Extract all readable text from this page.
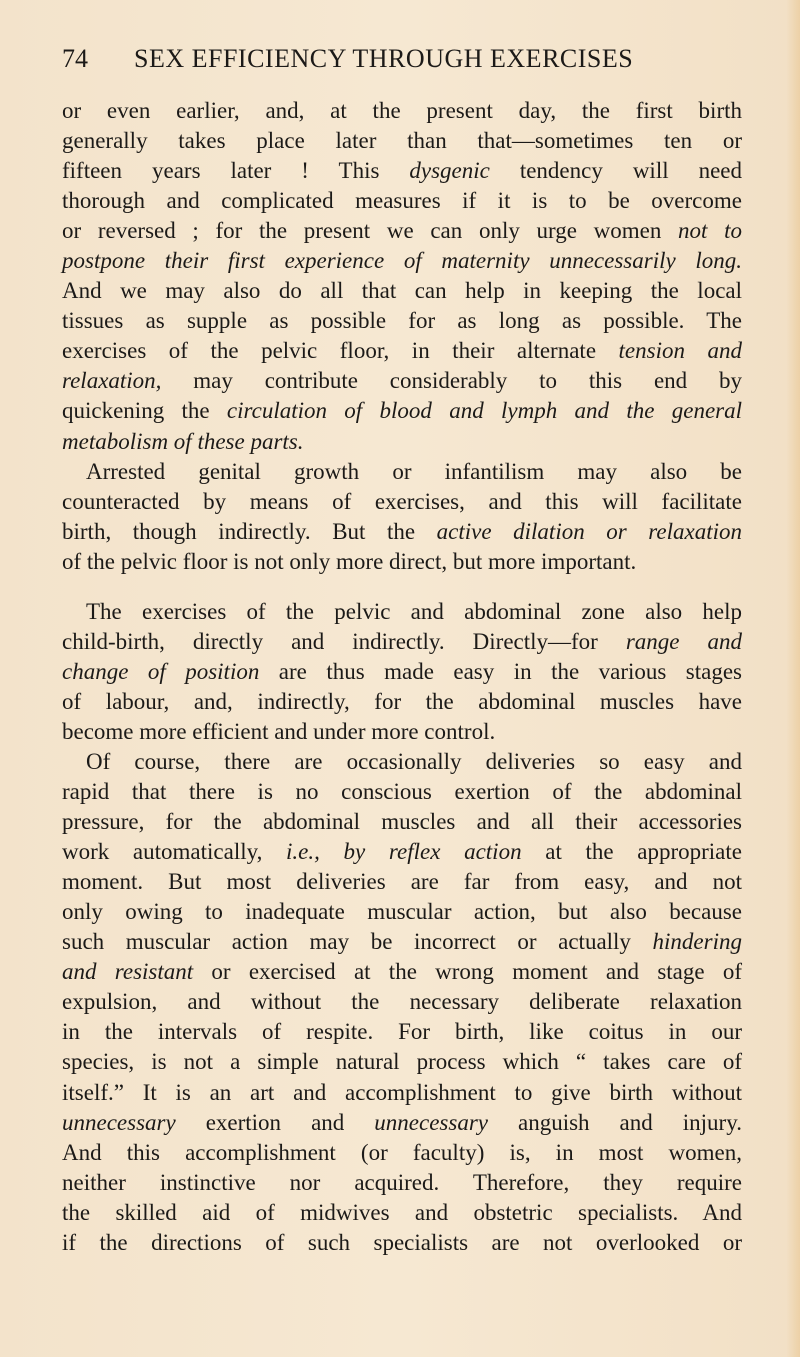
74 SEX EFFICIENCY THROUGH EXERCISES
or even earlier, and, at the present day, the first birth
generally takes place later than that—sometimes ten or
fifteen years later ! This dysgenic tendency will need
thorough and complicated measures if it is to be overcome
or reversed ; for the present we can only urge women not to
postpone their first experience of maternity unnecessarily long.
And we may also do all that can help in keeping the local
tissues as supple as possible for as long as possible. The
exercises of the pelvic floor, in their alternate tension and
relaxation, may contribute considerably to this end by
quickening the circulation of blood and lymph and the general
metabolism of these parts.
Arrested genital growth or infantilism may also be
counteracted by means of exercises, and this will facilitate
birth, though indirectly. But the active dilation or relaxation
of the pelvic floor is not only more direct, but more important.
The exercises of the pelvic and abdominal zone also help
child-birth, directly and indirectly. Directly—for range and
change of position are thus made easy in the various stages
of labour, and, indirectly, for the abdominal muscles have
become more efficient and under more control.
Of course, there are occasionally deliveries so easy and
rapid that there is no conscious exertion of the abdominal
pressure, for the abdominal muscles and all their accessories
work automatically, i.e., by reflex action at the appropriate
moment. But most deliveries are far from easy, and not
only owing to inadequate muscular action, but also because
such muscular action may be incorrect or actually hindering
and resistant or exercised at the wrong moment and stage of
expulsion, and without the necessary deliberate relaxation
in the intervals of respite. For birth, like coitus in our
species, is not a simple natural process which “ takes care of
itself.” It is an art and accomplishment to give birth without
unnecessary exertion and unnecessary anguish and injury.
And this accomplishment (or faculty) is, in most women,
neither instinctive nor acquired. Therefore, they require
the skilled aid of midwives and obstetric specialists. And
if the directions of such specialists are not overlooked or
